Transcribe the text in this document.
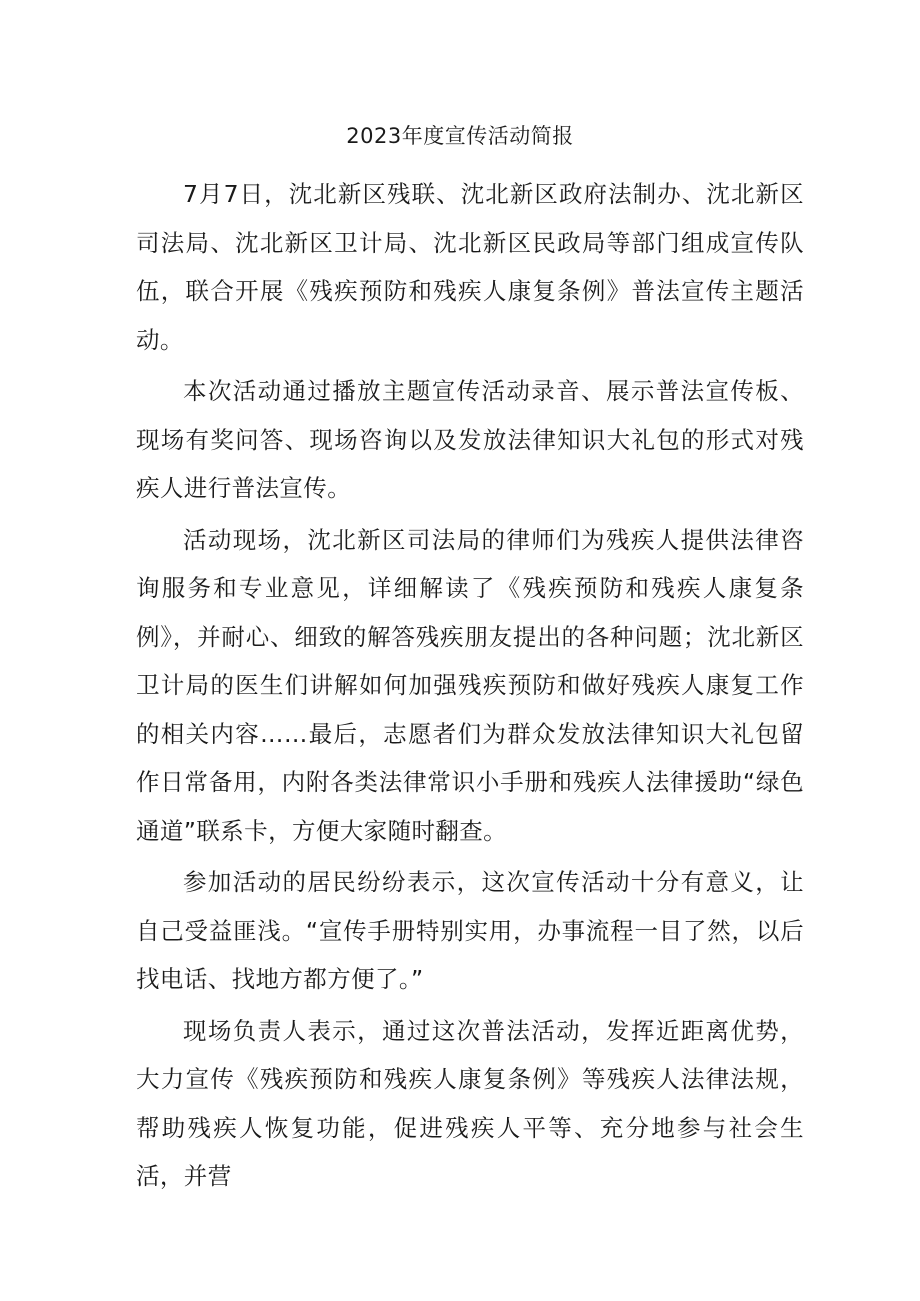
2023年度宣传活动简报

7月7日，沈北新区残联、沈北新区政府法制办、沈北新区司法局、沈北新区卫计局、沈北新区民政局等部门组成宣传队伍，联合开展《残疾预防和残疾人康复条例》普法宣传主题活动。

本次活动通过播放主题宣传活动录音、展示普法宣传板、现场有奖问答、现场咨询以及发放法律知识大礼包的形式对残疾人进行普法宣传。

活动现场，沈北新区司法局的律师们为残疾人提供法律咨询服务和专业意见，详细解读了《残疾预防和残疾人康复条例》，并耐心、细致的解答残疾朋友提出的各种问题；沈北新区卫计局的医生们讲解如何加强残疾预防和做好残疾人康复工作的相关内容……最后，志愿者们为群众发放法律知识大礼包留作日常备用，内附各类法律常识小手册和残疾人法律援助“绿色通道”联系卡，方便大家随时翻查。

参加活动的居民纷纷表示，这次宣传活动十分有意义，让自己受益匪浅。“宣传手册特别实用，办事流程一目了然，以后找电话、找地方都方便了。”

现场负责人表示，通过这次普法活动，发挥近距离优势，大力宣传《残疾预防和残疾人康复条例》等残疾人法律法规，帮助残疾人恢复功能，促进残疾人平等、充分地参与社会生活，并营
